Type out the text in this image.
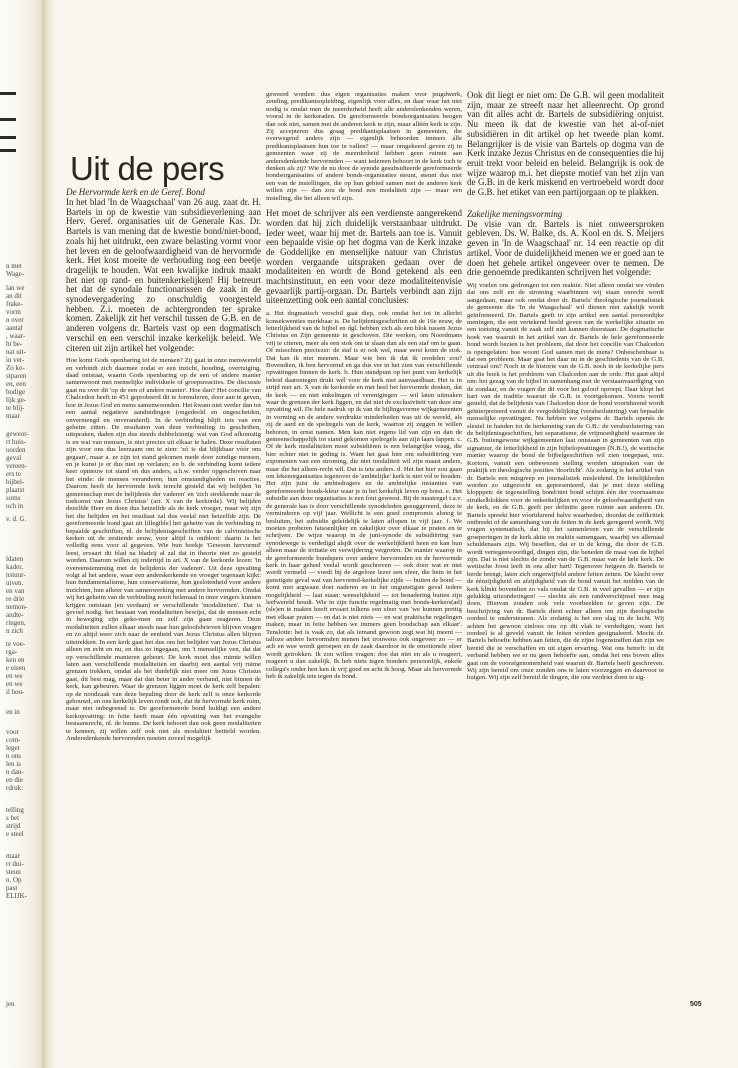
n met
Wage-
lan we
an dit
frake-
vorm
n over
aantal
, waar-
ht be-
nat uit-
in ver-
Zo ko-
stparen
en, een
bodige
lijk ge-
te blij-
maar
geweor-
rt buis-
oorden
geval
vereen-
ers te
bijbel-
plaatst
soms
och in
v. d. G.
ldaten
kader,
nstuur-
uiven.
en van
re drie
nemon-
andte-
ringen,
n zich
te voe-
rga-
ken en
e eisen
en we
en we
il hou-
en in
voor
com-
leger
n ons
len is
n dan-
en die
rdruk:
telling
s het
strijd
e steel
maar
rr dui-
steun
n. Op
past
ELIJK-
jen
Uit de pers

De Hervormde kerk en de Geref. Bond

In het blad 'In de Waagschaal' van 26 aug. zaat dr. H. Bartels in op de kwestie van subsidieverlening aan Herv. Geref. organisaties uit de Generale Kas. Dr. Bartels is van mening dat de kwestie bond/niet-bond, zoals hij het uitdrukt, een zware belasting vormt voor het leven en de geloofwaardigheid van de hervormde kerk. Het kost moeite de verhouding nog een beetje dragelijk te houden. Wat een kwalijke indruk maakt het niet op rand- en buitenkerkelijken! Hij betreurt het dat de synodale functionarissen de zaak in de synodevergadering zo onschuldig voorgesteld hebben. Z.i. moeten de achtergronden ter sprake komen. Zakelijk zit het verschil tussen de G.B. en de anderen volgens dr. Bartels vast op een dogmatisch verschil en een verschil inzake kerkelijk beleid. We citeren uit zijn artikel het volgende:

Hoe komt Gods openbaring tot de mensen? Zij gaat in onze menswereld en verbindt zich daarmee zodat er een inzicht, houding, overtuiging, daad ontstaat, waarin Gods openbaring op de een of andere manier samenwoont met menselijke individuele of groepsreacties. De discussie gaat nu over dit 'op de een of andere manier'. Hoe dan? Het concilie van Chalcedon heeft in 451 geprobeerd dit te formuleren, door aan te geven, hoe in Jezus God en mens samenwoonden. Het kwam niet verder dan tot een aantal negatieve aanduidingen (ongedeeld en ongescheiden, onvermengd en onveranderd). In de verbinding blijft iets van een geheim zitten. De resultaten van deze verbinding in geschriften, uitspraken, daden zijn dus steeds dubbelzinnig: wat van God afkomstig is en wat van mensen, is niet precies uit elkaar te halen. Deze resultaten zijn voor ons dus leerzaam om te zien: 'zó is dat blijkbaar vóór ons gegaan', maar a. ze zijn tot stand gekomen mede door zondige mensen, en je kunst je er dus niet op verlaten; en b. de verbinding komt iedere keer opnieuw tot stand en dus anders, a.h.w. verder opgeschoven naar het einde: de mensen veranderen, hun omstandigheden en reacties. Daarom heeft de hervormde kerk terecht gesteld dat wij belijden 'in gemeenschap met de belijdenis der vaderen' en 'zich strekkende naar de toekomst van Jezus Christus' (art. X van de kerkorde). Wij belijden dezelfde Heer en doen dus hetzelfde als de kerk vroeger, maar wij zijn het die belijden en het resultaat zal dus veelal niet hetzelfde zijn. De gereformeerde bond gaat uit [illegible] het geheim van de verbinding in bepaalde geschriften, nl. de belijdenisgeschriften van de calvinistische kerken uit de zestiende eeuw, voor altijd is ontbloot: daarin is het volledig eens voor al gegeven. Wie hun boekje 'Gewoon hervormd' leest, ervaart dit blad na bladzij al zal dat in theorie niet zo gesteld worden. Daarom willen zij indertijd in art. X van de kerkorde lezen: 'in overeenstemming met de belijdenis der vaderen'. Uit deze opvatting volgt al het andere, waar een anderskerkende en vroeger tegenaan kijkt: hun fundamentalisme, hun conservatisme, hun geslotenheid voor andere inzichten, hun afkeer van samenwerking met andere hervormden. Omdat wij het geheim van de verbinding nooit helemaal in onze vingers kunnen krijgen ontstaan (en verdaan) er verschillende 'modaliteiten'. Dat is gevoel nodig. het bestaan van modaliteiten bewijst, dat de mensen echt in beweging zijn geko-men en zelf zijn gaan reageren. Deze modaliteiten zullen elkaar steeds naar hun geloofsbrieven blijven vragen en zo altijd weer zich naar de eenheid van Jezus Christus allen blijven uitstrekken. In een kerk gaat het dus om het belijden van Jezus Christus alleen en echt en nu, en dus zo ingegaan, om 't menselijke ven, dat dat op verschillende manieren gebeurt. De kerk moet dus ruimte willen laten aan verschillende modaliteiten en daarbij een aantal vrij ruime grenzen trekken, omdat als het duidelijk niet meer om Jezus Christus gaat, dit best mag, maar dat dan beter in ander verband, niet binnen de kerk, kan gebeuren. Waar de grenzen liggen moet de kerk zelf bepalen: op de noodzaak van deze bepaling door de kerk zelf is onze kerkorde gebouwd, en ons kerkelijk leven rondt ook, dat de hervormde kerk ruim, maar niet onbegrensd is. De gereformeerde bond huldigt een andere kerkopvatting: in feite heeft maar één opvatting van het evangelie bestaansrecht, nl. de hunne. De kerk behoort dan ook geen modaliteiten te kennen, zij willen zelf ook niet als modaliteit betiteld worden. Andersdenkende hervormden moeten zoveel mogelijk

geweerd worden: dus eigen organisaties maken voor jeugdwerk, zending, predikantsopleiding, eigenlijk voor alles, en daar waar het niet nodig is omdat men de meerderheid heeft alle anderslenkenden weren, vooral in de kerkeraden. De gereformeerde bondsorganisaties beogen dan ook niet, samen met de anderen kerk te zijn, maar alléén kerk te zijn. Zij accepteren dus graag predikantsplaatsen in gemeenten, die overwegend anders zijn — eigenlijk behoorden immers álle predikantsplaatsen hun toe te vallen? — maar omgekeerd geven zij in gemeenten waar zij de meerderheid hebben geen ruimte aan andersdenkende hervormden — want iedereen behoort in de kerk toch te denken als zij? Wie de nu door de synode gesubsidieerde gereformeerde bondsorganisaties of andere bonds-organisaties steunt, steunt dus niet een van de instellingen, die op hun gebied samen met de anderen kerk willen zijn — dan zou de bond een modaliteit zijn — maar een instelling, die het alleen wil zijn.

Het moet de schrijver als een verdienste aangerekend worden dat hij zich duidelijk verstaanbaar uitdrukt. Ieder weet, waar hij met dr. Bartels aan toe is. Vanuit een bepaalde visie op het dogma van de Kerk inzake de Goddelijke en menselijke natuur van Christus worden vergaande uitspraken gedaan over de modaliteiten en wordt de Bond getekend als een machtsinstituut, en een voor deze modaliteitenvisie gevaarlijk partij-orgaan. Dr. Bartels verbindt aan zijn uiteenzetting ook een aantal conclusies:

a. Het dogmatisch verschil gaat diep, ook omdat het tot in allerlei konsekwenties merkbaar is. De belijdenisgeschriften uit de 16e eeuw, de letterlijkheid van de bijbel en dgl. hebben zich als een blok tussen Jezus Christus en Zijn gemeente in geschoven. Die werken, om Noordmans vrij te citeren, meer als een stok om te slaan dan als een staf om te gaan. Of misschien preciezer: de staf is er ook wel, maar eerst komt de stok. Dat kan ik niet meenen. Maar wie ben ik dat ik oordelen zou? Bovendien, ik ben hervormd en ga dus ver in het zien van verschillende opvattingen binnen de kerk. b. Hun standpunt op het punt van kerkelijk beleid daarentegen drukt wél voor de kerk niet aanvaardbaar. Het is in strijd met art. X van de kerkorde en met heel het hervormde denken, dat de kerk — en niet enkelingen of verenigingen — wil laten uitmaken waar de grenzen der kerk liggen, en dat niet de exclusiviteit van deze ene opvatting wil. De hele nadruk op ik van de bijlingsvorme wijkgemeenten in vorming en de andere verdrukte minderheden was uit de wereld, als zij de aard en de spelregels van de kerk, waartoe zij zeggen te willen behoren, in ernst namen. Men kan niet ergens lid van zijn en dan de gemeenschappelijk tot stand gekomen spelregels aan zijn laars lappen. c. Of de kerk modaliteiten moet subsidiëren is een belangrijke vraag, die hier echter niet in geding is. Want het gaat hier om subsidiëring van exponenten van een stroming, die niet modaliteit wil zijn maast anders, maar die het alleen-recht wil. Dat is iets anders. d. Het het hier zou gaan om lekenorganisaties tegenover de 'ambtelijke' kerk is niet vol te houden. Het zijn juist de ambtsdragers en de ambtelijke instanties van gereformeerde bonds-kleur waar je in het kerkelijk leven op botst. e. Het subsidie aan deze organisaties is een fout geweest. Bij de maatregel t.a.v. de generale kas is door verschillende synodeleden gesuggereerd, deze te verminderen op vijf jaar. Wellicht is een goed compromis alsnog te besluiten, het subsidie geleidelijk te laten aflopen in vijf jaar. f. We moeten proberen fatsoenlijker en zakelijker over elkaar te praten en te schrijven. De wijze waarop in de juni-synode de subsidiëring van synodewege is verdedigd alsjdt over de werkelijkheid heen en kan hun alleen maar de irritatie en verwijdering vergroten. De manier waarop in de gereformeerde bondspers over andere hervormden en de hervormde kerk in haar geheel veelal wordt geschreven — ook door wat er niet wordt vermeld — voedt bij de argeloze lezer een sfeer, die hem in het gunstigste geval wat van hervormd-kerkelijke zijde — buiten de bond — komt met argwaan doet naderen en in het ongunstigste geval iedere mogelijkheid — laat staan: wenselijkheid — tot benadering buiten zijn leefwereld houdt. Wie in zijn functie regelmatig met bonds-kerkers(ad)(sle)en te maken heeft ervaart telkens een sfeer van 'we kunnen prettig met elkaar praten — en dat is niet niets — en wat praktische regelingen maken, maar in feite hebben we immers geen boodschap aan elkaar'. Tenslotte: het is vaak zo, dat als iemand gewoon zegt wat hij meent — talloze andere hervormden menen het trouwens ook ongeveer zo — er ach en wee wordt geroepen en de zaak daardoor in de emotionele sfeer wordt getrokken. Ik zou willen vragen: doe dat niet en als u reageert, reageert u dan zakelijk. Ik heb niets tegen bonders persoonlijk, enkele collega's onder hen ken ik vrij goed en acht ik hoog. Maar als hervormde heb ik zakelijk iets tegen de bond.

Ook dit liegt er niet om: De G.B. wil geen modaliteit zijn, maar ze streeft naar het alleenrecht. Op grond van dit alles acht dr. Bartels de subsidiëring onjuist. Nu meen ik dat de kwestie van het al-of-niet subsidiëren in dit artikel op het tweede plan komt. Belangrijker is de visie van Bartels op dogma van de Kerk inzake Jezus Christus en de consequenties die hij eruit trekt voor beleid en beleid. Belangrijk is ook de wijze waarop m.i. het diepste motief van het zijn van de G.B. in de kerk miskend en vertroebeld wordt door de G.B. het etiket van een partijorgaan op te plakken.

Zakelijke meningsvorming

De visie van dr. Bartels is niet onweersproken gebleven. Ds. W. Balke, ds. A. Kool en ds. S. Meijers geven in 'In de Waagschaal' nr. 14 een reactie op dit artikel. Voor de duidelijkheid menen we er goed aan te doen het gehele artikel ongeveer over te nemen. De drie genoemde predikanten schrijven het volgende:

Wij voelen ons gedrongen tot een reaktie. Niet alleen omdat we vinden dat ons zelf en de stroming waarbinnen wij staan onrecht wordt aangedaan, maar ook omdat door dr. Bartels' theologische journalistiek de gemeente die 'In de Waagschaal' wil dienen niet zakelijk wordt geïnformeerd. Dr. Bartels geeft in zijn artikel een aantal persoonlijke meningen, die een vertekend beeld geven van de werkelijke situatie en een toetsing vanuit de zaak zelf niet kunnen doorstaan. De dogmatische hoek van waaruit in het artikel van dr. Bartels de hele gereformeerde bond wordt bezien is het probleem, dat door het concilie van Chalcedon is opengelaten: hoe woont God samen met de mens? Onbeschenbaar is dat een probleem. Maar gaat het daar nu in de geschiedenis van de G.B. centraal om? Noch in de historie van de G.B. noch in de kerkelijke pers uit die hoek is het probleem van Chalcedon aan de orde. Het gaat altijd om: het gezag van de bijbel in samenhang met de verstaanvaardiging van de zondaar, en de vragen die dit voor het geloof oproept. Daar klopt het hart van de traditie waaruit de G.B. is voortgekomen. Voorts wordt gesteld, dat de belijdenis van Chalcedon door de bond voortdurend wordt geïnterpreteerd vanuit de vergoddelijking (verabsolutering) van bepaalde menselijke opvattingen. Nu hebben we volgens dr. Bartels openés de sleutel in handen tot de herkenning van de G.B.: de verabsolutering van de belijdenisgeschriften, het separatisme, de vrijmoedigheid waarmee de G.B. buitengewone wijkgemeenten laat ontstaan in gemeenten van zijn signatuur, de letterlijkheid in zijn bijbelopvattingen (N.B.!), de wettische manier waarop de bond de bijbelgeschriften wil zien toegepast, enz. Kortom, vanuit een onbewezen stelling worden uitspraken van de praktijk en theologische posities 'doorlicht'. Als zodanig is het artikel van dr. Bartels een misgreep en journalistiek misleidend. De feitelijkheden worden zo uitgezocht en gepresenteerd, dat je met deze stelling klopppen: de tegenstelling bond/niet bond schijnt één der voornaamste struikelblokken voor de onkerkelijken en voor de geloofwaardigheid van de kerk, en de G.B. geeft per definitie geen ruimte aan anderen. Dr. Bartels spreekt hier vóortdurend halve waarheden, doordat de zelfkritiek ontbreekt of de samenhang van de feiten in de kerk geregeerd wordt. Wij vragen systematisch, dat bij het samenleven van de verschillende groeperingen in de kerk aktie en reaktie samengaan, waarbij we allemaal schuldenaars zijn. Wij beseffen, dat er in de kring, die door de G.B. wordt vertegenwoordigd, dingen zijn, die beneden de maat van de bijbel zijn. Dat is niet slechts de zonde van de G.B. maar van de hele kerk. De wettische Joost leeft in ons aller hart! Tegenover hetgeen dr. Bartels te berde brengt, laten zich ongetwijfeld andere feiten zetten. De klacht over de éénzijdigheid en afzijdigheid van de bond vanuit het midden van de kerk klinkt bovendien zo vals omdat de G.B. in veel gevallen — er zijn gelukkig uitzonderingen! — slechts als een randverschijnsel mee mag doen. Hiervan zouden ook vele voorbeelden te geven zijn. De beschrijving van dr. Bartels dient echter alleen om zijn theologische oordeel te ondersteunen. Als zodanig is het een slag in de lucht. Wij achten het gewoon zinloos ons op dit vlak te verdedigen, want het oordeel is al geveld vanuit de feiten worden gesignaleerd. Mocht dr. Bartels behoefte hebben aan feiten, die de zijne logenstraffen dan zijn we bereid die te verschaffen en uit eigen ervaring. Wat ons betreft: in dit verband hebben we er nu geen behoefte aan, omdat het ons boven alles gaat om de voorafgenomenheid van waaruit dr. Bartels heeft geschreven. Wij zijn bereid om onze zonden ons te laten voorzeggen en daarvoor te buigen. Wij zijn zelf bereid de dingen, die ons verdriet doen te sig-

505
